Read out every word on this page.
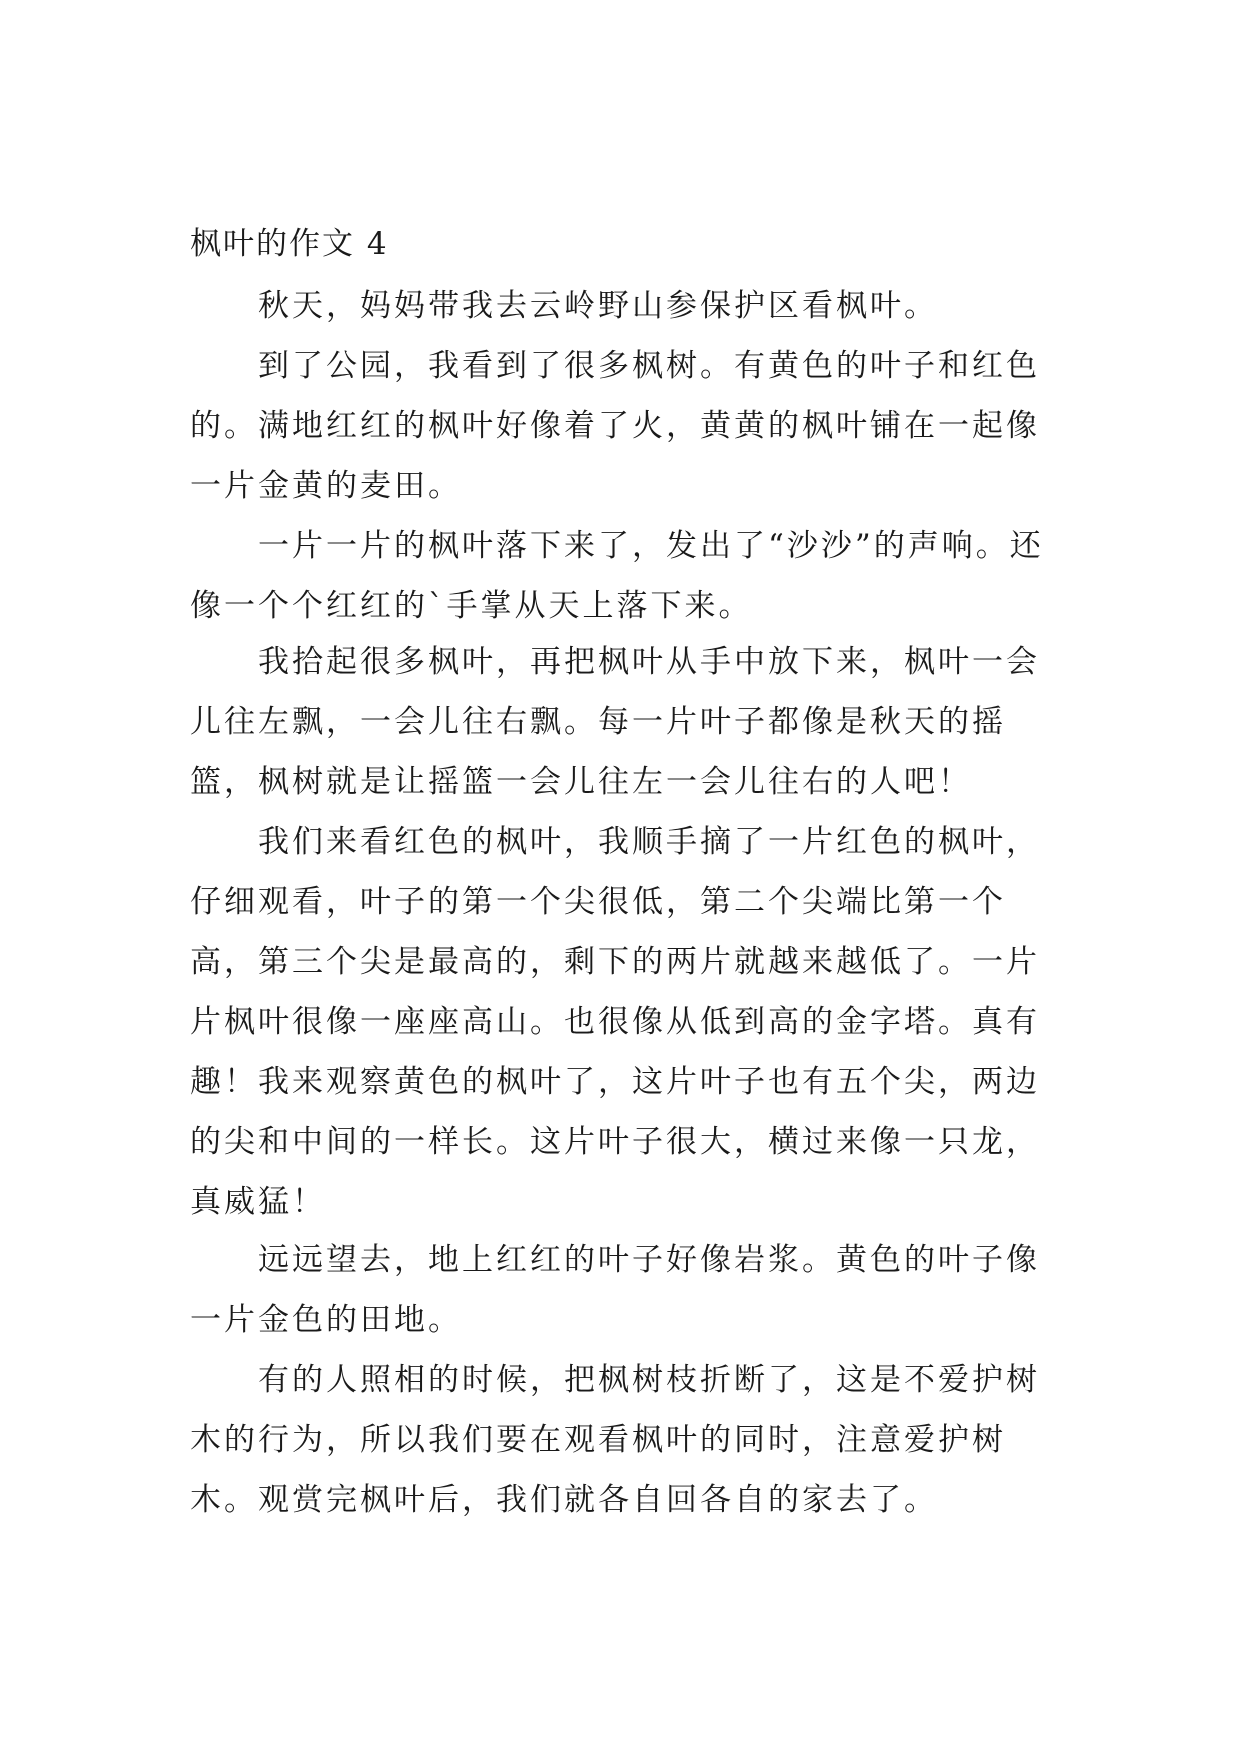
枫叶的作文 4

秋天，妈妈带我去云岭野山参保护区看枫叶。

到了公园，我看到了很多枫树。有黄色的叶子和红色的。 满地红红的枫叶好像着了火，黄黄的枫叶铺在一起像一片金黄的麦田。

一片一片的枫叶落下来了，发出了“沙沙”的声响。还像一个个红红的`手掌从天上落下来。

我拾起很多枫叶，再把枫叶从手中放下来，枫叶一会儿往左飘，一会儿往右飘。每一片叶子都像是秋天的摇篮，枫树就是让摇篮一会儿往左一会儿往右的人吧！

我们来看红色的枫叶，我顺手摘了一片红色的枫叶，仔细观看，叶子的第一个尖很低，第二个尖端比第一个高，第三个尖是最高的，剩下的两片就越来越低了。一片片枫叶很像一座座高山。也很像从低到高的金字塔。真有趣！ 我来观察黄色的枫叶了，这片叶子也有五个尖，两边的尖和中间的一样长。这片叶子很大，横过来像一只龙，真威猛！

远远望去，地上红红的叶子好像岩浆。黄色的叶子像一片金色的田地。

有的人照相的时候，把枫树枝折断了，这是不爱护树木的行为，所以我们要在观看枫叶的同时，注意爱护树木。 观赏完枫叶后，我们就各自回各自的家去了。
